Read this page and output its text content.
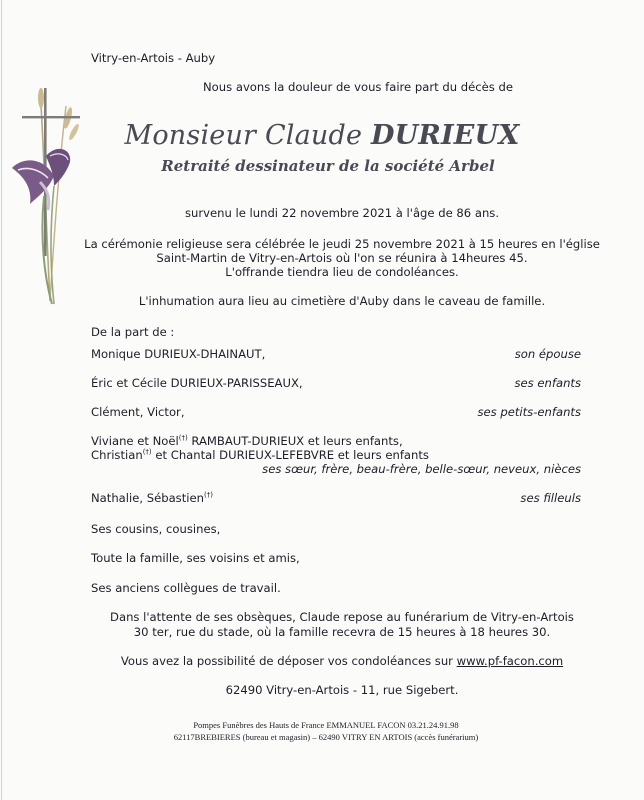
Vitry-en-Artois - Auby
Nous avons la douleur de vous faire part du décès de
Monsieur Claude DURIEUX
Retraité dessinateur de la société Arbel
survenu le lundi 22 novembre 2021 à l'âge de 86 ans.
La cérémonie religieuse sera célébrée le jeudi 25 novembre 2021 à 15 heures en l'église
Saint-Martin de Vitry-en-Artois où l'on se réunira à 14heures 45.
L'offrande tiendra lieu de condoléances.
L'inhumation aura lieu au cimetière d'Auby dans le caveau de famille.
De la part de :
Monique DURIEUX-DHAINAUT,	son épouse
Éric et Cécile DURIEUX-PARISSEAUX,	ses enfants
Clément, Victor,	ses petits-enfants
Viviane et Noël(†) RAMBAUT-DURIEUX et leurs enfants,
Christian(†) et Chantal DURIEUX-LEFEBVRE et leurs enfants
ses sœur, frère, beau-frère, belle-sœur, neveux, nièces
Nathalie, Sébastien(†)	ses filleuls
Ses cousins, cousines,
Toute la famille, ses voisins et amis,
Ses anciens collègues de travail.
Dans l'attente de ses obsèques, Claude repose au funérarium de Vitry-en-Artois
30 ter, rue du stade, où la famille recevra de 15 heures à 18 heures 30.
Vous avez la possibilité de déposer vos condoléances sur www.pf-facon.com
62490 Vitry-en-Artois - 11, rue Sigebert.
Pompes Funèbres des Hauts de France EMMANUEL FACON 03.21.24.91.98
62117BREBIERES (bureau et magasin) – 62490 VITRY EN ARTOIS (accès funérarium)
